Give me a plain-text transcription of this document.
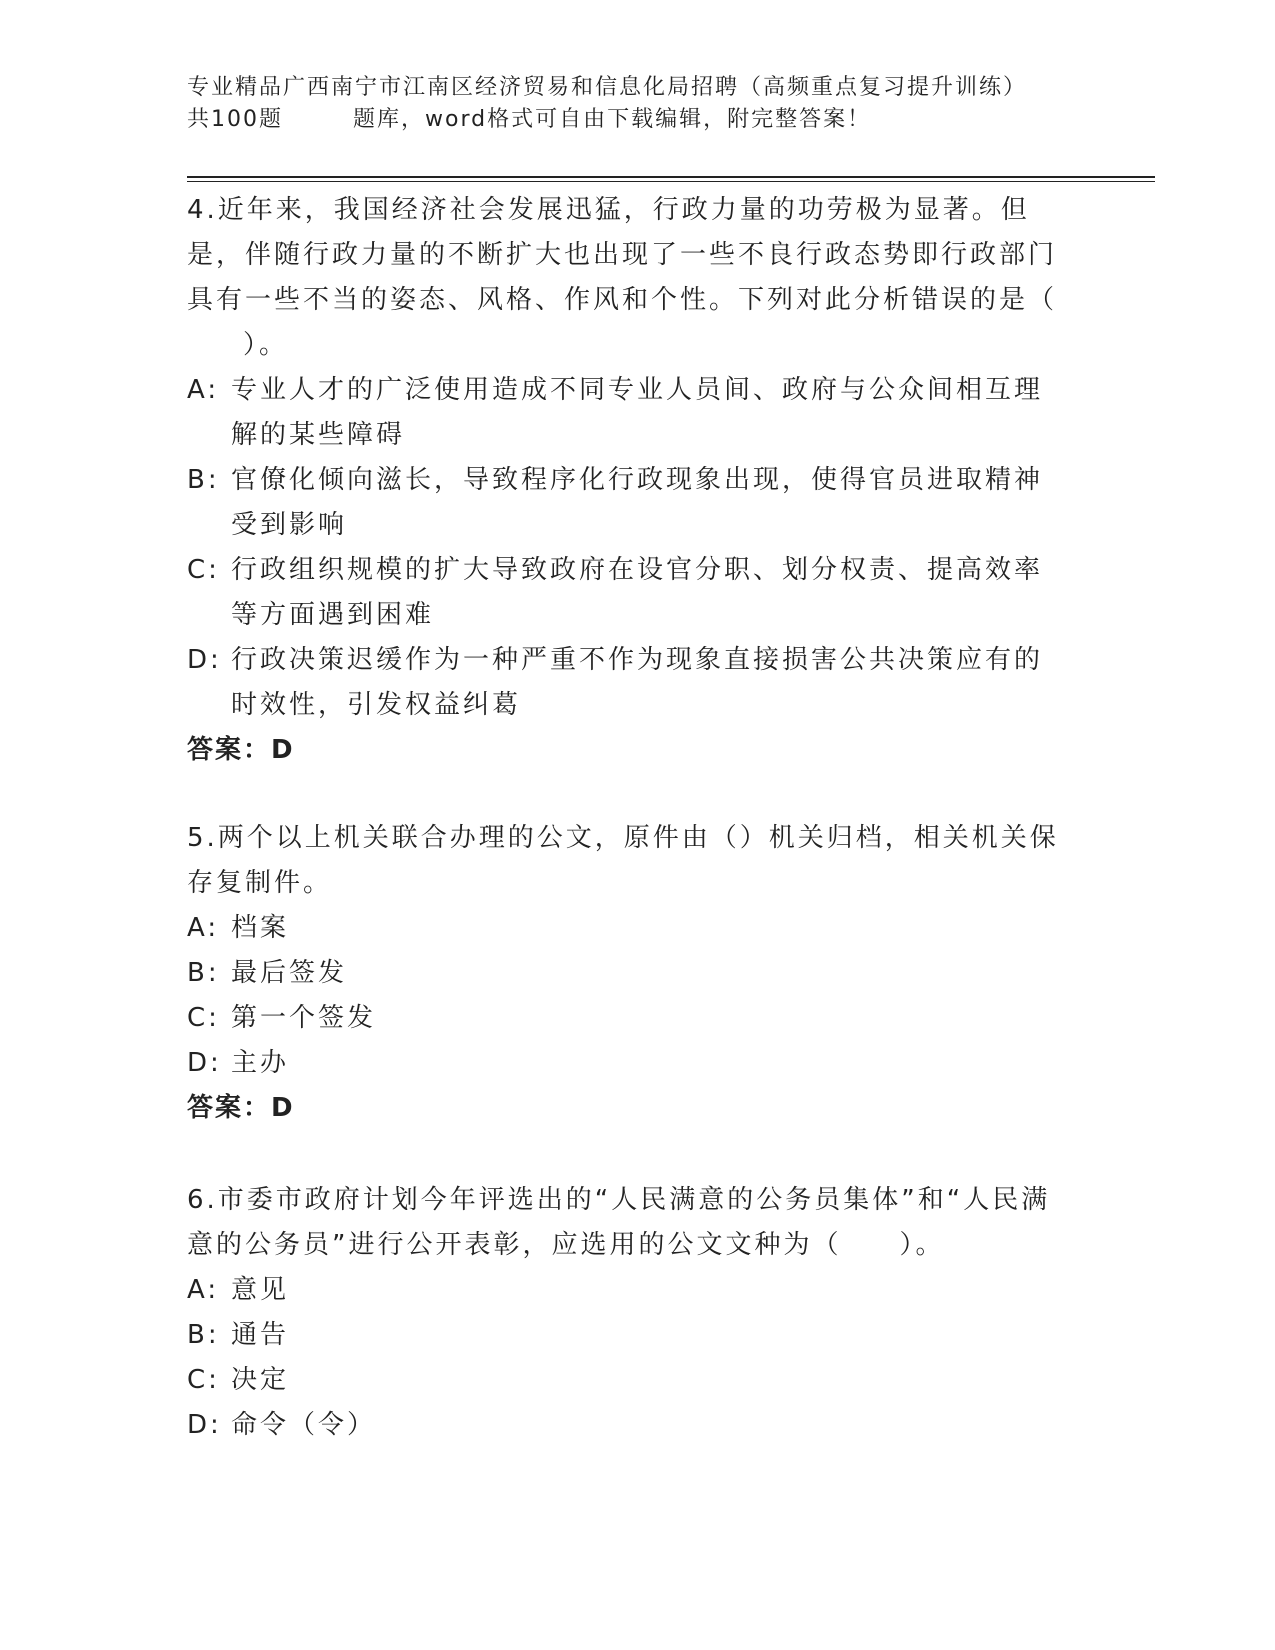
专业精品广西南宁市江南区经济贸易和信息化局招聘（高频重点复习提升训练）
共100题	题库，word格式可自由下载编辑，附完整答案！
4.近年来，我国经济社会发展迅猛，行政力量的功劳极为显著。但是，伴随行政力量的不断扩大也出现了一些不良行政态势即行政部门具有一些不当的姿态、风格、作风和个性。下列对此分析错误的是（
）。
A: 专业人才的广泛使用造成不同专业人员间、政府与公众间相互理解的某些障碍
B: 官僚化倾向滋长，导致程序化行政现象出现，使得官员进取精神受到影响
C: 行政组织规模的扩大导致政府在设官分职、划分权责、提高效率等方面遇到困难
D: 行政决策迟缓作为一种严重不作为现象直接损害公共决策应有的时效性，引发权益纠葛
答案：D
5.两个以上机关联合办理的公文，原件由（）机关归档，相关机关保存复制件。
A: 档案
B: 最后签发
C: 第一个签发
D: 主办
答案：D
6.市委市政府计划今年评选出的“人民满意的公务员集体”和“人民满意的公务员”进行公开表彰，应选用的公文文种为（　　）。
A: 意见
B: 通告
C: 决定
D: 命令（令）
